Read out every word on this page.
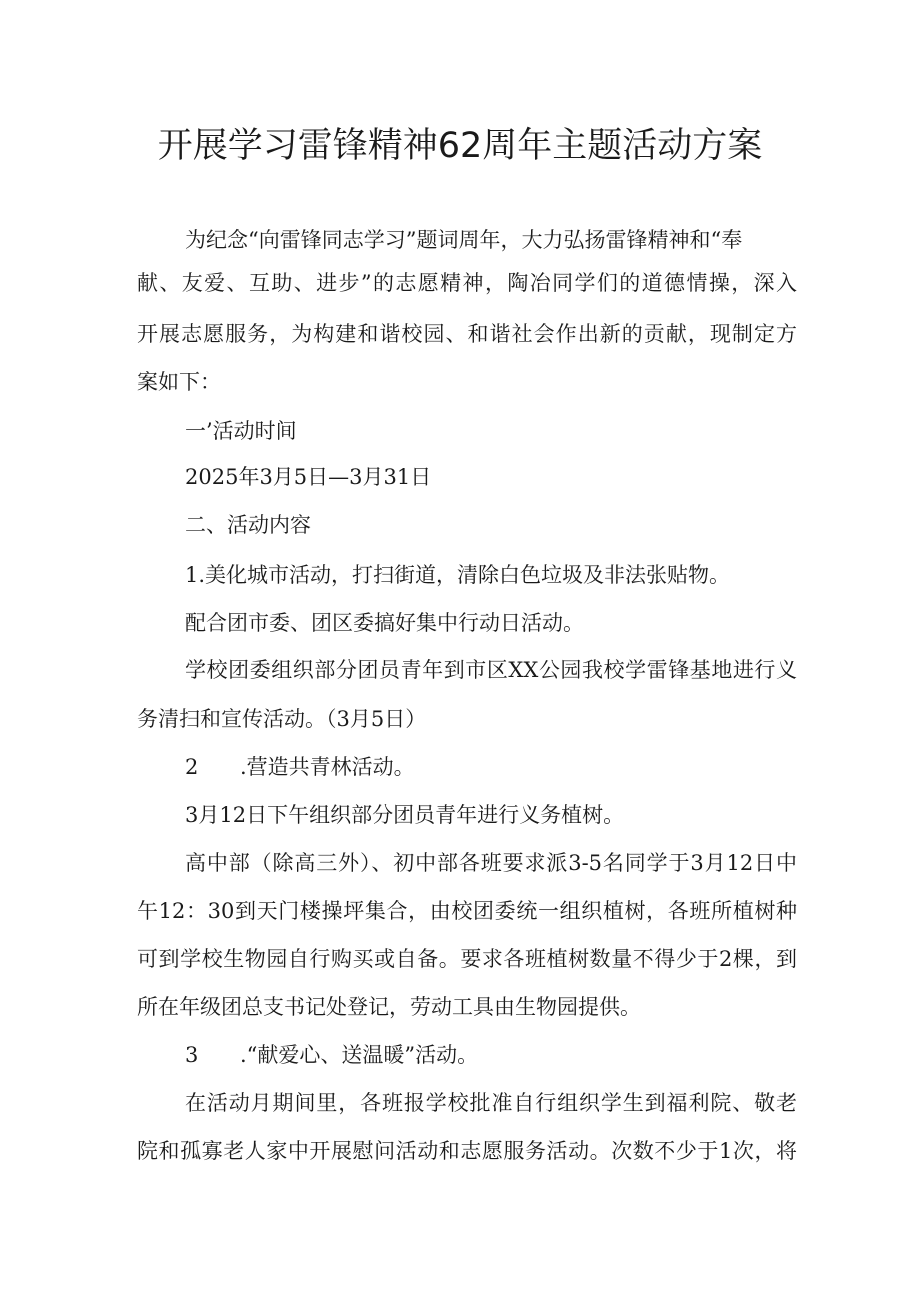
开展学习雷锋精神62周年主题活动方案

为纪念“向雷锋同志学习”题词周年，大力弘扬雷锋精神和“奉

献、友爱、互助、进步”的志愿精神，陶冶同学们的道德情操，深入

开展志愿服务，为构建和谐校园、和谐社会作出新的贡献，现制定方

案如下：

一’活动时间

2025年3月5日—3月31日

二、活动内容

1.美化城市活动，打扫街道，清除白色垃圾及非法张贴物。

配合团市委、团区委搞好集中行动日活动。

学校团委组织部分团员青年到市区XX公园我校学雷锋基地进行义

务清扫和宣传活动。（3月5日）

2 .营造共青林活动。

3月12日下午组织部分团员青年进行义务植树。

高中部（除高三外）、初中部各班要求派3-5名同学于3月12日中

午12：30到天门楼操坪集合，由校团委统一组织植树，各班所植树种

可到学校生物园自行购买或自备。要求各班植树数量不得少于2棵，到

所在年级团总支书记处登记，劳动工具由生物园提供。

3 .“献爱心、送温暖”活动。

在活动月期间里，各班报学校批准自行组织学生到福利院、敬老

院和孤寡老人家中开展慰问活动和志愿服务活动。次数不少于1次，将
